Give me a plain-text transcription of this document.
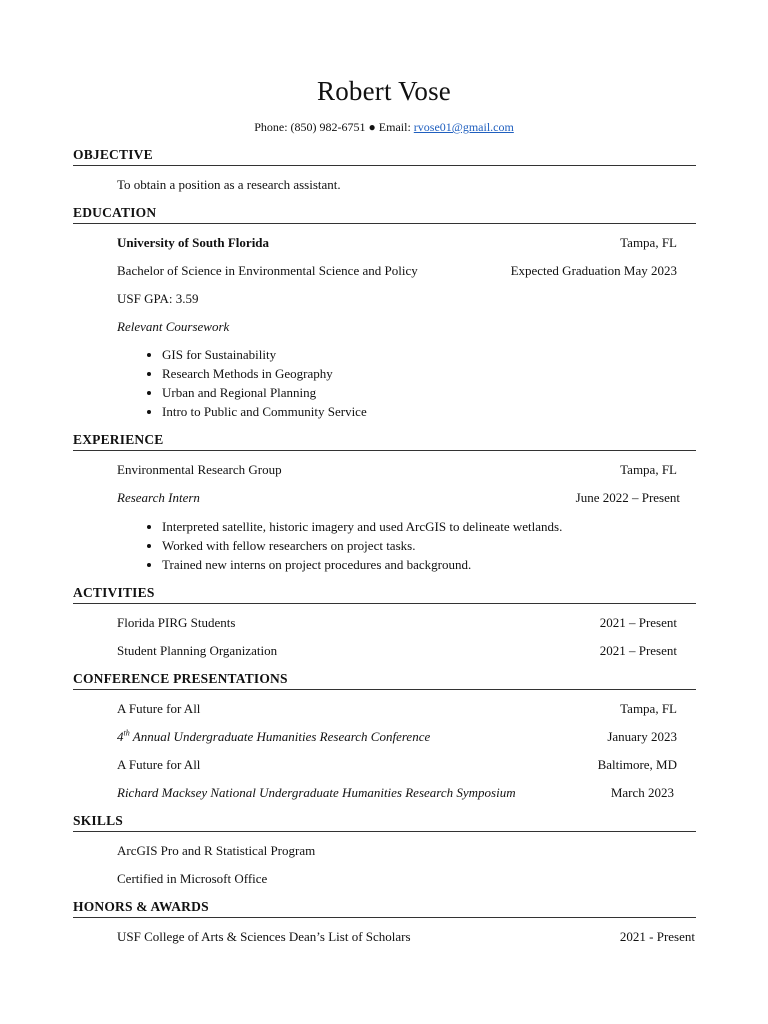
Robert Vose
Phone: (850) 982-6751 ● Email: rvose01@gmail.com
OBJECTIVE
To obtain a position as a research assistant.
EDUCATION
University of South Florida	Tampa, FL
Bachelor of Science in Environmental Science and Policy	Expected Graduation May 2023
USF GPA: 3.59
Relevant Coursework
• GIS for Sustainability
• Research Methods in Geography
• Urban and Regional Planning
• Intro to Public and Community Service
EXPERIENCE
Environmental Research Group	Tampa, FL
Research Intern	June 2022 – Present
• Interpreted satellite, historic imagery and used ArcGIS to delineate wetlands.
• Worked with fellow researchers on project tasks.
• Trained new interns on project procedures and background.
ACTIVITIES
Florida PIRG Students	2021 – Present
Student Planning Organization	2021 – Present
CONFERENCE PRESENTATIONS
A Future for All	Tampa, FL
4th Annual Undergraduate Humanities Research Conference	January 2023
A Future for All	Baltimore, MD
Richard Macksey National Undergraduate Humanities Research Symposium	March 2023
SKILLS
ArcGIS Pro and R Statistical Program
Certified in Microsoft Office
HONORS & AWARDS
USF College of Arts & Sciences Dean’s List of Scholars	2021 - Present
